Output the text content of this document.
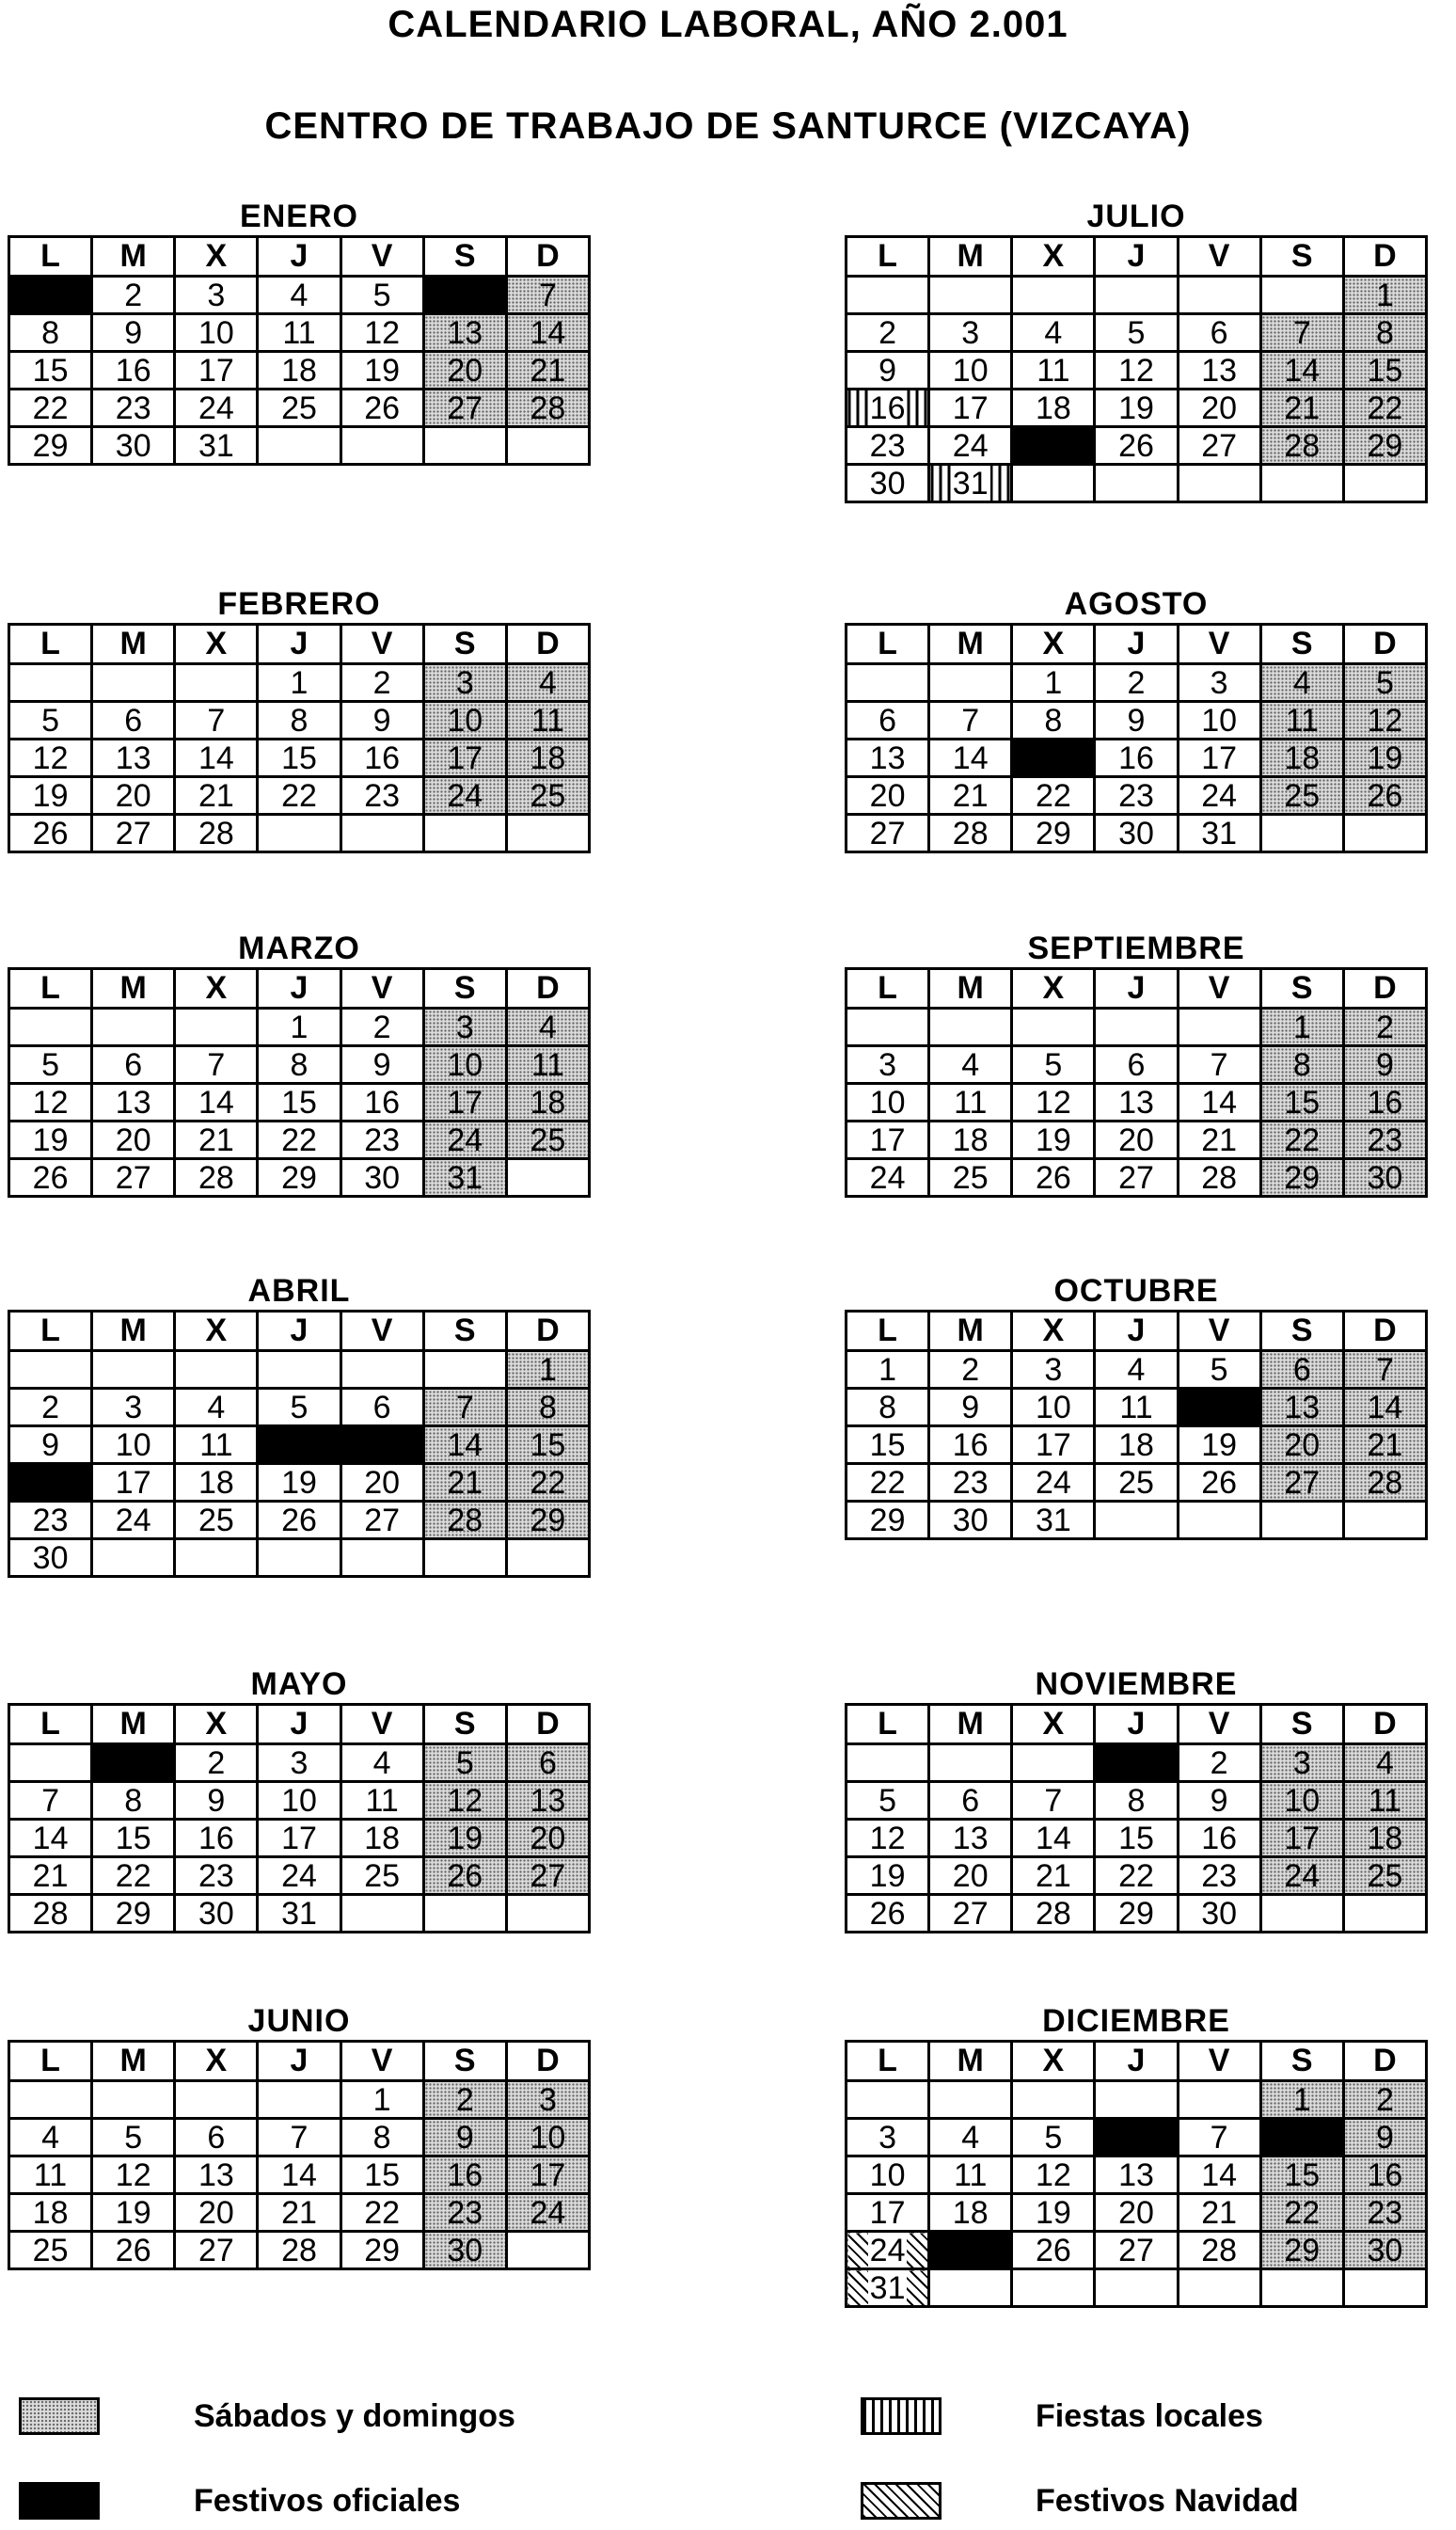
CALENDARIO LABORAL, AÑO 2.001
CENTRO DE TRABAJO DE SANTURCE (VIZCAYA)
ENERO
L	M	X	J	V	S	D
1	2	3	4	5	6	7
8	9	10	11	12	13	14
15	16	17	18	19	20	21
22	23	24	25	26	27	28
29	30	31				
JULIO
L	M	X	J	V	S	D
						1
2	3	4	5	6	7	8
9	10	11	12	13	14	15
16	17	18	19	20	21	22
23	24	25	26	27	28	29
30	31					
FEBRERO
L	M	X	J	V	S	D
			1	2	3	4
5	6	7	8	9	10	11
12	13	14	15	16	17	18
19	20	21	22	23	24	25
26	27	28				
AGOSTO
L	M	X	J	V	S	D
		1	2	3	4	5
6	7	8	9	10	11	12
13	14	15	16	17	18	19
20	21	22	23	24	25	26
27	28	29	30	31		
MARZO
L	M	X	J	V	S	D
			1	2	3	4
5	6	7	8	9	10	11
12	13	14	15	16	17	18
19	20	21	22	23	24	25
26	27	28	29	30	31	
SEPTIEMBRE
L	M	X	J	V	S	D
					1	2
3	4	5	6	7	8	9
10	11	12	13	14	15	16
17	18	19	20	21	22	23
24	25	26	27	28	29	30
ABRIL
L	M	X	J	V	S	D
						1
2	3	4	5	6	7	8
9	10	11	12	13	14	15
16	17	18	19	20	21	22
23	24	25	26	27	28	29
30						
OCTUBRE
L	M	X	J	V	S	D
1	2	3	4	5	6	7
8	9	10	11	12	13	14
15	16	17	18	19	20	21
22	23	24	25	26	27	28
29	30	31				
MAYO
L	M	X	J	V	S	D
	1	2	3	4	5	6
7	8	9	10	11	12	13
14	15	16	17	18	19	20
21	22	23	24	25	26	27
28	29	30	31			
NOVIEMBRE
L	M	X	J	V	S	D
			1	2	3	4
5	6	7	8	9	10	11
12	13	14	15	16	17	18
19	20	21	22	23	24	25
26	27	28	29	30		
JUNIO
L	M	X	J	V	S	D
				1	2	3
4	5	6	7	8	9	10
11	12	13	14	15	16	17
18	19	20	21	22	23	24
25	26	27	28	29	30	
DICIEMBRE
L	M	X	J	V	S	D
					1	2
3	4	5	6	7	8	9
10	11	12	13	14	15	16
17	18	19	20	21	22	23
24	25	26	27	28	29	30
31						
Sábados y domingos	Fiestas locales
Festivos oficiales	Festivos Navidad
